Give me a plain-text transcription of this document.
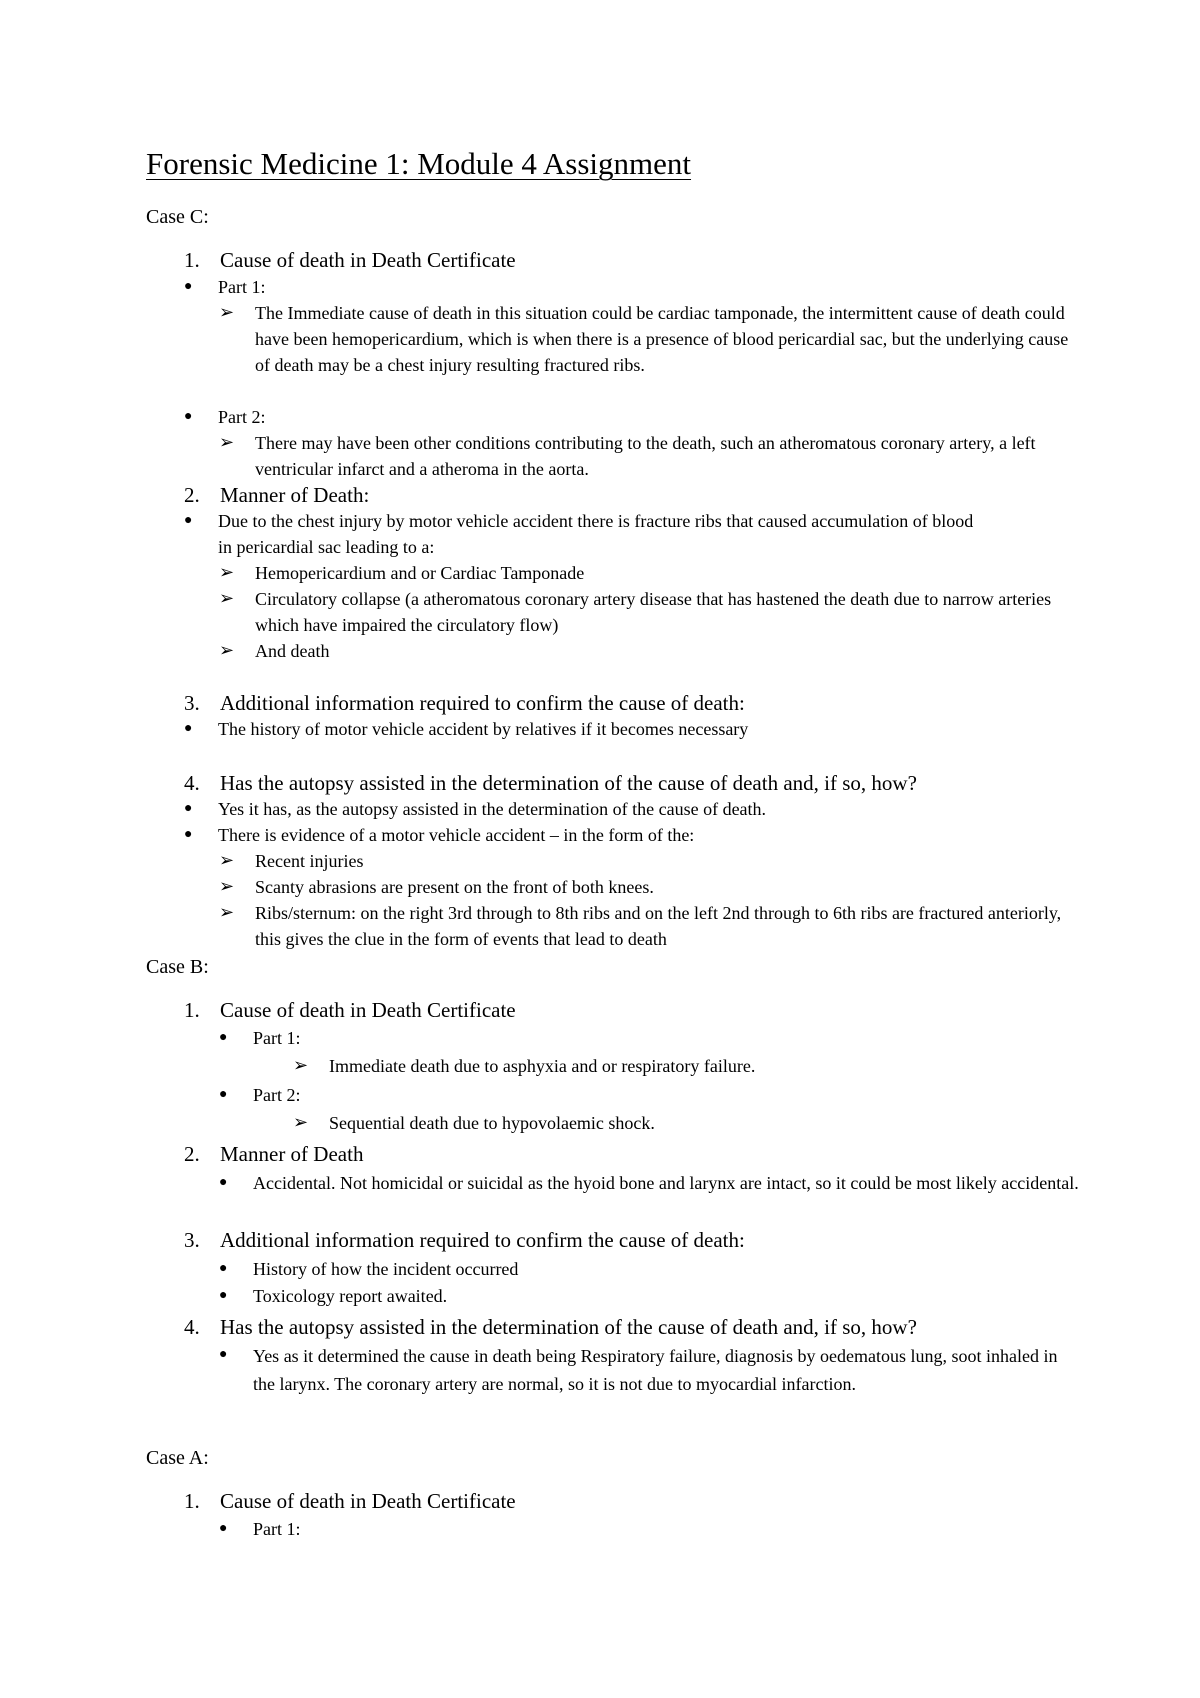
Forensic Medicine 1: Module 4 Assignment
Case C:
1. Cause of death in Death Certificate
● Part 1:
➢ The Immediate cause of death in this situation could be cardiac tamponade, the intermittent cause of death could have been hemopericardium, which is when there is a presence of blood pericardial sac, but the underlying cause of death may be a chest injury resulting fractured ribs.
● Part 2:
➢ There may have been other conditions contributing to the death, such an atheromatous coronary artery, a left ventricular infarct and a atheroma in the aorta.
2. Manner of Death:
● Due to the chest injury by motor vehicle accident there is fracture ribs that caused accumulation of blood in pericardial sac leading to a:
➢ Hemopericardium and or Cardiac Tamponade
➢ Circulatory collapse (a atheromatous coronary artery disease that has hastened the death due to narrow arteries which have impaired the circulatory flow)
➢ And death
3. Additional information required to confirm the cause of death:
● The history of motor vehicle accident by relatives if it becomes necessary
4. Has the autopsy assisted in the determination of the cause of death and, if so, how?
● Yes it has, as the autopsy assisted in the determination of the cause of death.
● There is evidence of a motor vehicle accident – in the form of the:
➢ Recent injuries
➢ Scanty abrasions are present on the front of both knees.
➢ Ribs/sternum: on the right 3rd through to 8th ribs and on the left 2nd through to 6th ribs are fractured anteriorly, this gives the clue in the form of events that lead to death
Case B:
1. Cause of death in Death Certificate
● Part 1:
➢ Immediate death due to asphyxia and or respiratory failure.
● Part 2:
➢ Sequential death due to hypovolaemic shock.
2. Manner of Death
● Accidental. Not homicidal or suicidal as the hyoid bone and larynx are intact, so it could be most likely accidental.
3. Additional information required to confirm the cause of death:
● History of how the incident occurred
● Toxicology report awaited.
4. Has the autopsy assisted in the determination of the cause of death and, if so, how?
● Yes as it determined the cause in death being Respiratory failure, diagnosis by oedematous lung, soot inhaled in the larynx. The coronary artery are normal, so it is not due to myocardial infarction.
Case A:
1. Cause of death in Death Certificate
● Part 1:
